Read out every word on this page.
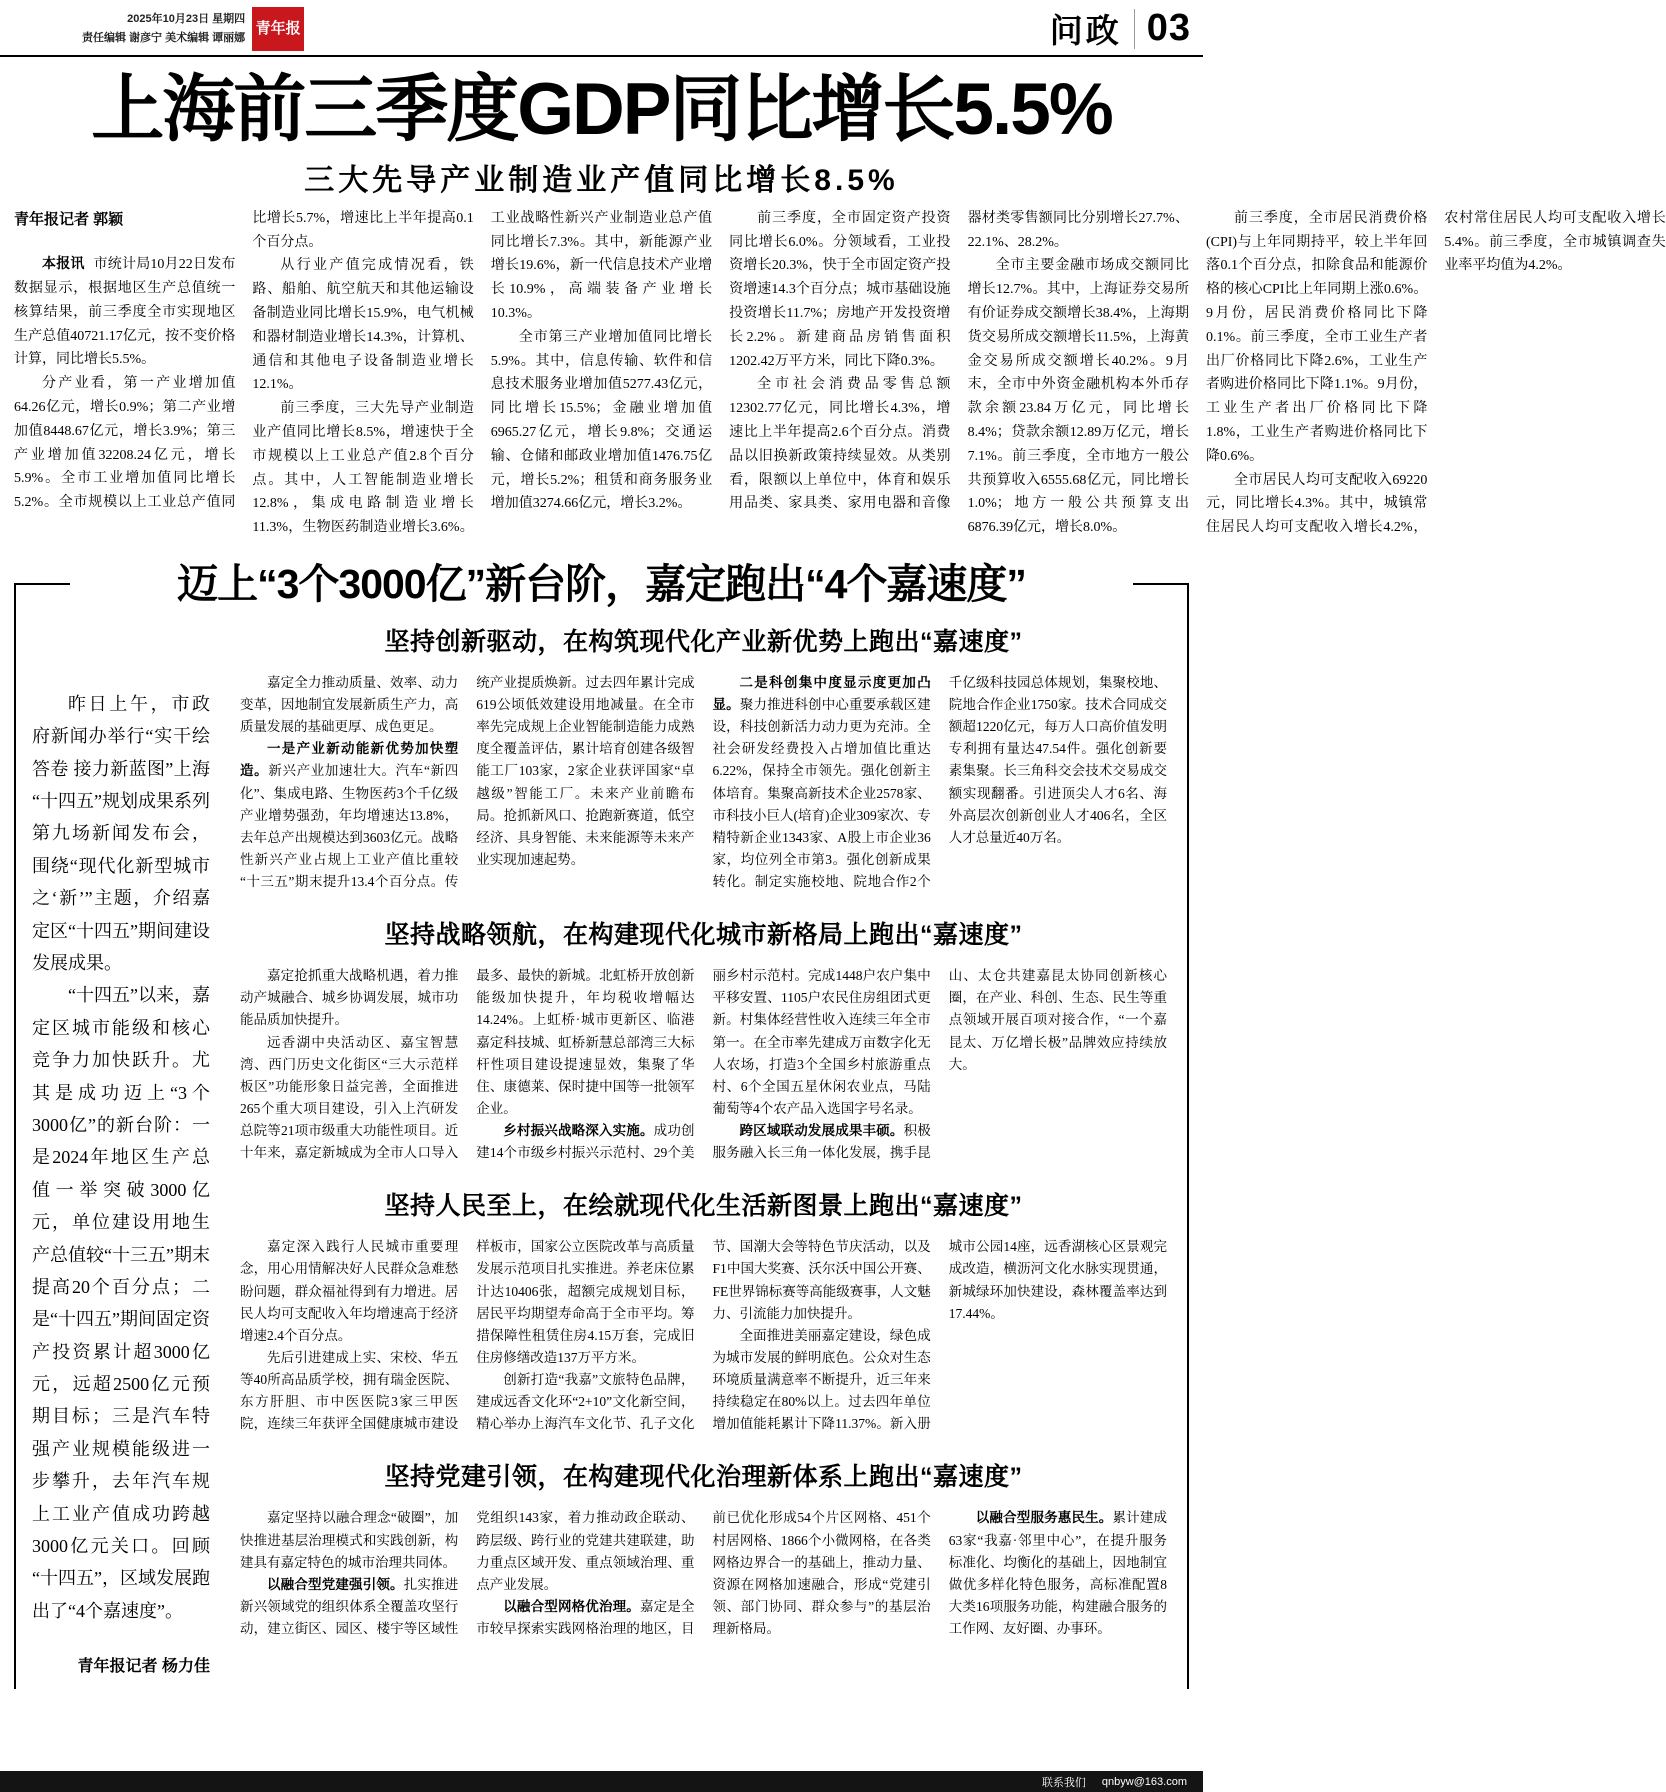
2025年10月23日 星期四
责任编辑 谢彦宁 美术编辑 谭丽娜
青年报	问政 03
上海前三季度GDP同比增长5.5%
三大先导产业制造业产值同比增长8.5%

青年报记者 郭颖

本报讯 市统计局10月22日发布数据显示，根据地区生产总值统一核算结果，前三季度全市实现地区生产总值40721.17亿元，按不变价格计算，同比增长5.5%。

分产业看，第一产业增加值64.26亿元，增长0.9%；第二产业增加值8448.67亿元，增长3.9%；第三产业增加值32208.24亿元，增长5.9%。全市工业增加值同比增长5.2%。全市规模以上工业总产值同比增长5.7%，增速比上半年提高0.1个百分点。

从行业产值完成情况看，铁路、船舶、航空航天和其他运输设备制造业同比增长15.9%，电气机械和器材制造业增长14.3%，计算机、通信和其他电子设备制造业增长12.1%。

前三季度，三大先导产业制造业产值同比增长8.5%，增速快于全市规模以上工业总产值2.8个百分点。其中，人工智能制造业增长12.8%，集成电路制造业增长11.3%，生物医药制造业增长3.6%。工业战略性新兴产业制造业总产值同比增长7.3%。其中，新能源产业增长19.6%，新一代信息技术产业增长10.9%，高端装备产业增长10.3%。

全市第三产业增加值同比增长5.9%。其中，信息传输、软件和信息技术服务业增加值5277.43亿元，同比增长15.5%；金融业增加值6965.27亿元，增长9.8%；交通运输、仓储和邮政业增加值1476.75亿元，增长5.2%；租赁和商务服务业增加值3274.66亿元，增长3.2%。

前三季度，全市固定资产投资同比增长6.0%。分领域看，工业投资增长20.3%，快于全市固定资产投资增速14.3个百分点；城市基础设施投资增长11.7%；房地产开发投资增长2.2%。新建商品房销售面积1202.42万平方米，同比下降0.3%。

全市社会消费品零售总额12302.77亿元，同比增长4.3%，增速比上半年提高2.6个百分点。消费品以旧换新政策持续显效。从类别看，限额以上单位中，体育和娱乐用品类、家具类、家用电器和音像器材类零售额同比分别增长27.7%、22.1%、28.2%。

全市主要金融市场成交额同比增长12.7%。其中，上海证券交易所有价证券成交额增长38.4%，上海期货交易所成交额增长11.5%，上海黄金交易所成交额增长40.2%。9月末，全市中外资金融机构本外币存款余额23.84万亿元，同比增长8.4%；贷款余额12.89万亿元，增长7.1%。前三季度，全市地方一般公共预算收入6555.68亿元，同比增长1.0%；地方一般公共预算支出6876.39亿元，增长8.0%。

前三季度，全市居民消费价格(CPI)与上年同期持平，较上半年回落0.1个百分点，扣除食品和能源价格的核心CPI比上年同期上涨0.6%。9月份，居民消费价格同比下降0.1%。前三季度，全市工业生产者出厂价格同比下降2.6%，工业生产者购进价格同比下降1.1%。9月份，工业生产者出厂价格同比下降1.8%，工业生产者购进价格同比下降0.6%。

全市居民人均可支配收入69220元，同比增长4.3%。其中，城镇常住居民人均可支配收入增长4.2%，农村常住居民人均可支配收入增长5.4%。前三季度，全市城镇调查失业率平均值为4.2%。

迈上“3个3000亿”新台阶，嘉定跑出“4个嘉速度”

昨日上午，市政府新闻办举行“实干绘答卷 接力新蓝图”上海“十四五”规划成果系列第九场新闻发布会，围绕“现代化新型城市之‘新’”主题，介绍嘉定区“十四五”期间建设发展成果。

“十四五”以来，嘉定区城市能级和核心竞争力加快跃升。尤其是成功迈上“3个3000亿”的新台阶：一是2024年地区生产总值一举突破3000亿元，单位建设用地生产总值较“十三五”期末提高20个百分点；二是“十四五”期间固定资产投资累计超3000亿元，远超2500亿元预期目标；三是汽车特强产业规模能级进一步攀升，去年汽车规上工业产值成功跨越3000亿元关口。回顾“十四五”，区域发展跑出了“4个嘉速度”。

青年报记者 杨力佳

坚持创新驱动，在构筑现代化产业新优势上跑出“嘉速度”

嘉定全力推动质量、效率、动力变革，因地制宜发展新质生产力，高质量发展的基础更厚、成色更足。

一是产业新动能新优势加快塑造。新兴产业加速壮大。汽车“新四化”、集成电路、生物医药3个千亿级产业增势强劲，年均增速达13.8%，去年总产出规模达到3603亿元。战略性新兴产业占规上工业产值比重较“十三五”期末提升13.4个百分点。传统产业提质焕新。过去四年累计完成619公顷低效建设用地减量。在全市率先完成规上企业智能制造能力成熟度全覆盖评估，累计培育创建各级智能工厂103家，2家企业获评国家“卓越级”智能工厂。未来产业前瞻布局。抢抓新风口、抢跑新赛道，低空经济、具身智能、未来能源等未来产业实现加速起势。

二是科创集中度显示度更加凸显。聚力推进科创中心重要承载区建设，科技创新活力动力更为充沛。全社会研发经费投入占增加值比重达6.22%，保持全市领先。强化创新主体培育。集聚高新技术企业2578家、市科技小巨人(培育)企业309家次、专精特新企业1343家、A股上市企业36家，均位列全市第3。强化创新成果转化。制定实施校地、院地合作2个千亿级科技园总体规划，集聚校地、院地合作企业1750家。技术合同成交额超1220亿元，每万人口高价值发明专利拥有量达47.54件。强化创新要素集聚。长三角科交会技术交易成交额实现翻番。引进顶尖人才6名、海外高层次创新创业人才406名，全区人才总量近40万名。

坚持战略领航，在构建现代化城市新格局上跑出“嘉速度”

嘉定抢抓重大战略机遇，着力推动产城融合、城乡协调发展，城市功能品质加快提升。

远香湖中央活动区、嘉宝智慧湾、西门历史文化街区“三大示范样板区”功能形象日益完善，全面推进265个重大项目建设，引入上汽研发总院等21项市级重大功能性项目。近十年来，嘉定新城成为全市人口导入最多、最快的新城。北虹桥开放创新能级加快提升，年均税收增幅达14.24%。上虹桥·城市更新区、临港嘉定科技城、虹桥新慧总部湾三大标杆性项目建设提速显效，集聚了华住、康德莱、保时捷中国等一批领军企业。

乡村振兴战略深入实施。成功创建14个市级乡村振兴示范村、29个美丽乡村示范村。完成1448户农户集中平移安置、1105户农民住房组团式更新。村集体经营性收入连续三年全市第一。在全市率先建成万亩数字化无人农场，打造3个全国乡村旅游重点村、6个全国五星休闲农业点，马陆葡萄等4个农产品入选国字号名录。

跨区域联动发展成果丰硕。积极服务融入长三角一体化发展，携手昆山、太仓共建嘉昆太协同创新核心圈，在产业、科创、生态、民生等重点领域开展百项对接合作，“一个嘉昆太、万亿增长极”品牌效应持续放大。

坚持人民至上，在绘就现代化生活新图景上跑出“嘉速度”

嘉定深入践行人民城市重要理念，用心用情解决好人民群众急难愁盼问题，群众福祉得到有力增进。居民人均可支配收入年均增速高于经济增速2.4个百分点。

先后引进建成上实、宋校、华五等40所高品质学校，拥有瑞金医院、东方肝胆、市中医医院3家三甲医院，连续三年获评全国健康城市建设样板市，国家公立医院改革与高质量发展示范项目扎实推进。养老床位累计达10406张，超额完成规划目标，居民平均期望寿命高于全市平均。筹措保障性租赁住房4.15万套，完成旧住房修缮改造137万平方米。

创新打造“我嘉”文旅特色品牌，建成远香文化环“2+10”文化新空间，精心举办上海汽车文化节、孔子文化节、国潮大会等特色节庆活动，以及F1中国大奖赛、沃尔沃中国公开赛、FE世界锦标赛等高能级赛事，人文魅力、引流能力加快提升。

全面推进美丽嘉定建设，绿色成为城市发展的鲜明底色。公众对生态环境质量满意率不断提升，近三年来持续稳定在80%以上。过去四年单位增加值能耗累计下降11.37%。新入册城市公园14座，远香湖核心区景观完成改造，横沥河文化水脉实现贯通，新城绿环加快建设，森林覆盖率达到17.44%。

坚持党建引领，在构建现代化治理新体系上跑出“嘉速度”

嘉定坚持以融合理念“破圈”，加快推进基层治理模式和实践创新，构建具有嘉定特色的城市治理共同体。

以融合型党建强引领。扎实推进新兴领域党的组织体系全覆盖攻坚行动，建立街区、园区、楼宇等区域性党组织143家，着力推动政企联动、跨层级、跨行业的党建共建联建，助力重点区域开发、重点领域治理、重点产业发展。

以融合型网格优治理。嘉定是全市较早探索实践网格治理的地区，目前已优化形成54个片区网格、451个村居网格、1866个小微网格，在各类网格边界合一的基础上，推动力量、资源在网格加速融合，形成“党建引领、部门协同、群众参与”的基层治理新格局。

以融合型服务惠民生。累计建成63家“我嘉·邻里中心”，在提升服务标准化、均衡化的基础上，因地制宜做优多样化特色服务，高标准配置8大类16项服务功能，构建融合服务的工作网、友好圈、办事环。

联系我们 qnbyw@163.com
